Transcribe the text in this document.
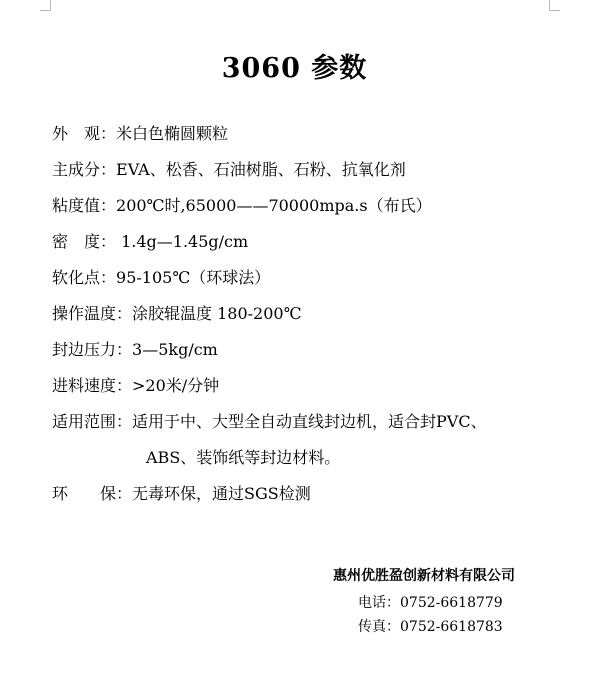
3060 参数
外　观： 米白色椭圆颗粒
主成分： EVA、松香、石油树脂、石粉、抗氧化剂
粘度值： 200℃时,65000——70000mpa.s（布氏）
密　度： 1.4g—1.45g/cm
软化点： 95-105℃（环球法）
操作温度： 涂胶辊温度 180-200℃
封边压力： 3—5kg/cm
进料速度： >20米/分钟
适用范围： 适用于中、大型全自动直线封边机，适合封PVC、
ABS、装饰纸等封边材料。
环　　保： 无毒环保，通过SGS检测
惠州优胜盈创新材料有限公司
电话：0752-6618779
传真：0752-6618783
